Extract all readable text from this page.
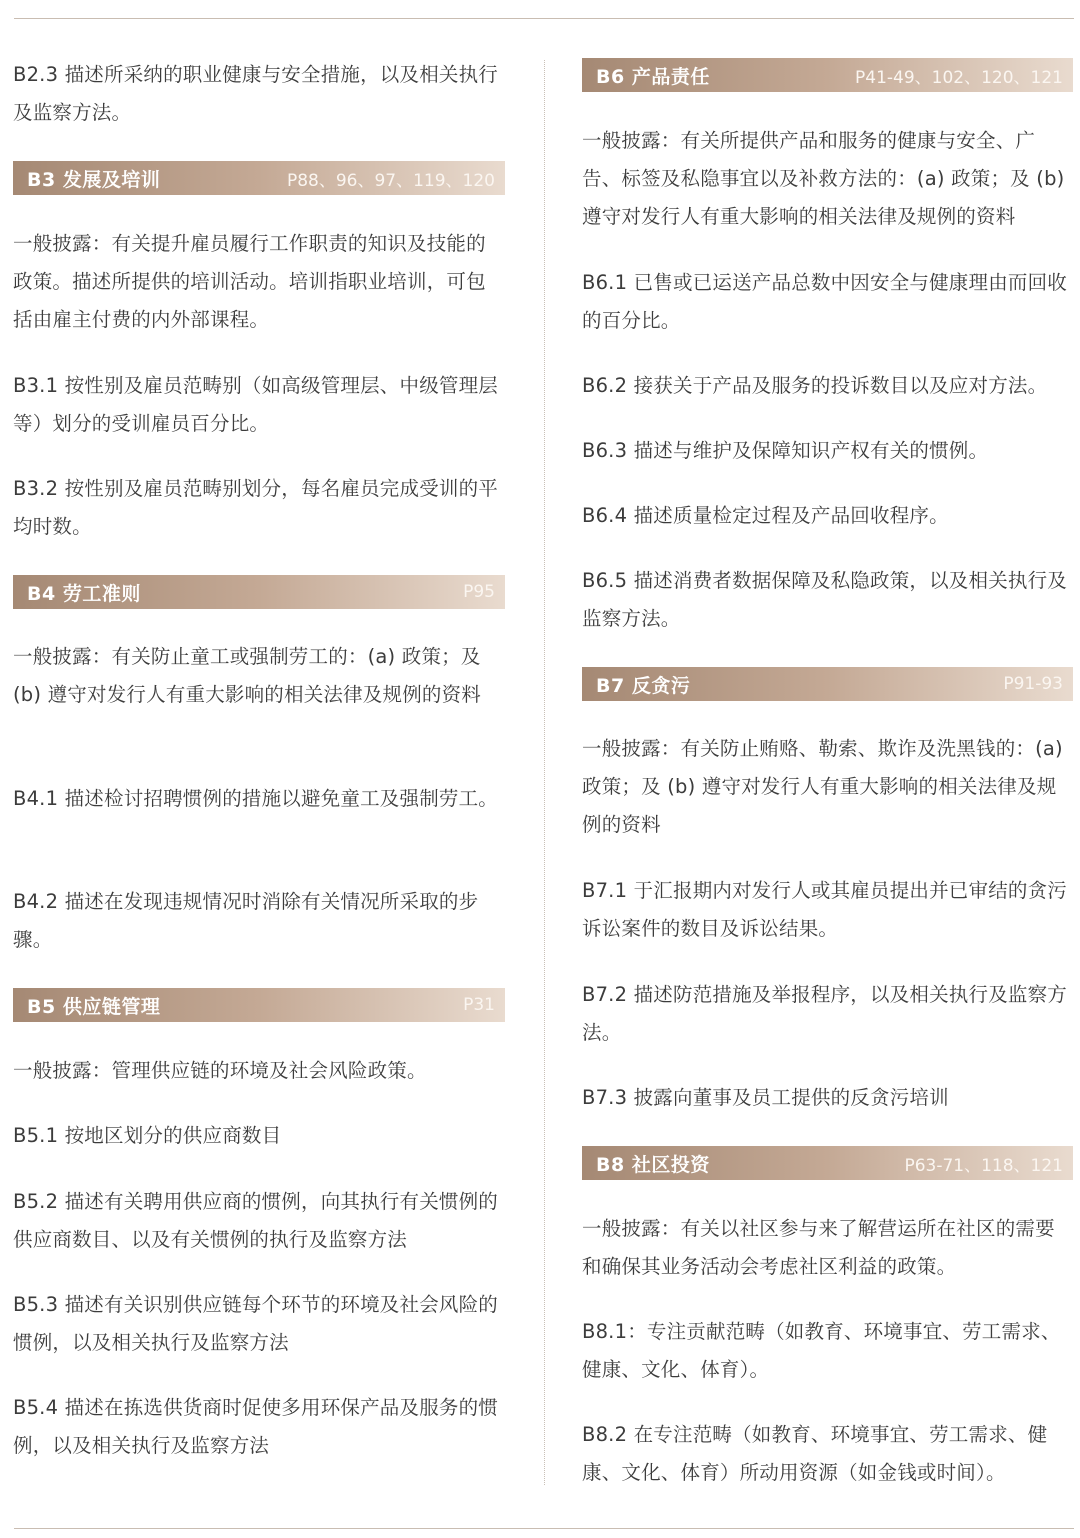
B2.3 描述所采纳的职业健康与安全措施，以及相关执行及监察方法。

B3 发展及培训	P88、96、97、119、120

一般披露：有关提升雇员履行工作职责的知识及技能的政策。描述所提供的培训活动。培训指职业培训，可包括由雇主付费的内外部课程。

B3.1 按性别及雇员范畴别（如高级管理层、中级管理层等）划分的受训雇员百分比。

B3.2 按性别及雇员范畴别划分，每名雇员完成受训的平均时数。

B4 劳工准则	P95

一般披露：有关防止童工或强制劳工的：(a) 政策；及 (b) 遵守对发行人有重大影响的相关法律及规例的资料

B4.1 描述检讨招聘惯例的措施以避免童工及强制劳工。

B4.2 描述在发现违规情况时消除有关情况所采取的步骤。

B5 供应链管理	P31

一般披露：管理供应链的环境及社会风险政策。

B5.1 按地区划分的供应商数目

B5.2 描述有关聘用供应商的惯例，向其执行有关惯例的供应商数目、以及有关惯例的执行及监察方法

B5.3 描述有关识别供应链每个环节的环境及社会风险的惯例，以及相关执行及监察方法

B5.4 描述在拣选供货商时促使多用环保产品及服务的惯例，以及相关执行及监察方法

B6 产品责任	P41-49、102、120、121

一般披露：有关所提供产品和服务的健康与安全、广告、标签及私隐事宜以及补救方法的：(a) 政策；及 (b) 遵守对发行人有重大影响的相关法律及规例的资料

B6.1 已售或已运送产品总数中因安全与健康理由而回收的百分比。

B6.2 接获关于产品及服务的投诉数目以及应对方法。

B6.3 描述与维护及保障知识产权有关的惯例。

B6.4 描述质量检定过程及产品回收程序。

B6.5 描述消费者数据保障及私隐政策，以及相关执行及监察方法。

B7 反贪污	P91-93

一般披露：有关防止贿赂、勒索、欺诈及洗黑钱的：(a) 政策；及 (b) 遵守对发行人有重大影响的相关法律及规例的资料

B7.1 于汇报期内对发行人或其雇员提出并已审结的贪污诉讼案件的数目及诉讼结果。

B7.2 描述防范措施及举报程序，以及相关执行及监察方法。

B7.3 披露向董事及员工提供的反贪污培训

B8 社区投资	P63-71、118、121

一般披露：有关以社区参与来了解营运所在社区的需要和确保其业务活动会考虑社区利益的政策。

B8.1：专注贡献范畴（如教育、环境事宜、劳工需求、健康、文化、体育）。

B8.2 在专注范畴（如教育、环境事宜、劳工需求、健康、文化、体育）所动用资源（如金钱或时间）。
